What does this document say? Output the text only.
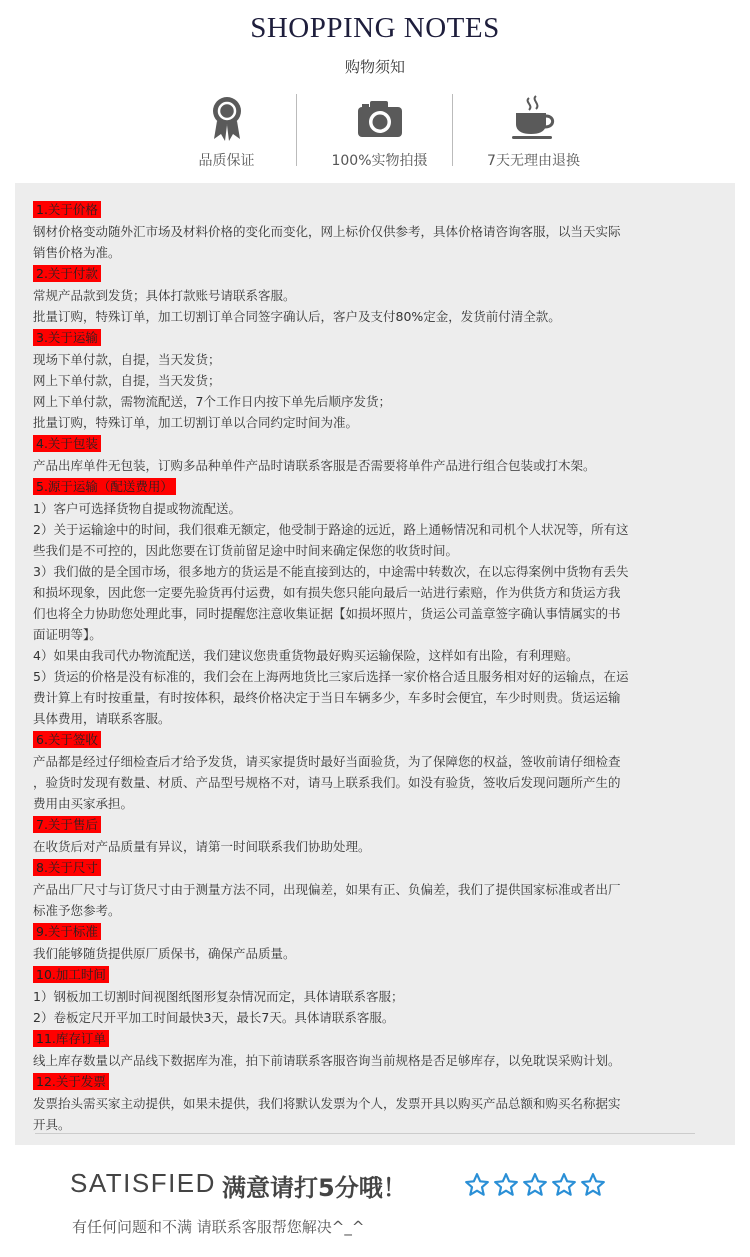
SHOPPING NOTES
购物须知
品质保证	100%实物拍摄	7天无理由退换
1.关于价格
钢材价格变动随外汇市场及材料价格的变化而变化，网上标价仅供参考，具体价格请咨询客服，以当天实际
销售价格为准。
2.关于付款
常规产品款到发货；具体打款账号请联系客服。
批量订购，特殊订单，加工切割订单合同签字确认后，客户及支付80%定金，发货前付清全款。
3.关于运输
现场下单付款，自提，当天发货；
网上下单付款，自提，当天发货；
网上下单付款，需物流配送，7个工作日内按下单先后顺序发货；
批量订购，特殊订单，加工切割订单以合同约定时间为准。
4.关于包装
产品出库单件无包装，订购多品种单件产品时请联系客服是否需要将单件产品进行组合包装或打木架。
5.源于运输（配送费用）
1）客户可选择货物自提或物流配送。
2）关于运输途中的时间，我们很难无额定，他受制于路途的远近，路上通畅情况和司机个人状况等，所有这
些我们是不可控的，因此您要在订货前留足途中时间来确定保您的收货时间。
3）我们做的是全国市场，很多地方的货运是不能直接到达的，中途需中转数次，在以忘得案例中货物有丢失
和损坏现象，因此您一定要先验货再付运费，如有损失您只能向最后一站进行索赔，作为供货方和货运方我
们也将全力协助您处理此事，同时提醒您注意收集证据【如损坏照片，货运公司盖章签字确认事情属实的书
面证明等】。
4）如果由我司代办物流配送，我们建议您贵重货物最好购买运输保险，这样如有出险，有利理赔。
5）货运的价格是没有标准的，我们会在上海两地货比三家后选择一家价格合适且服务相对好的运输点，在运
费计算上有时按重量，有时按体积，最终价格决定于当日车辆多少，车多时会便宜，车少时则贵。货运运输
具体费用，请联系客服。
6.关于签收
产品都是经过仔细检查后才给予发货，请买家提货时最好当面验货，为了保障您的权益，签收前请仔细检查
，验货时发现有数量、材质、产品型号规格不对，请马上联系我们。如没有验货，签收后发现问题所产生的
费用由买家承担。
7.关于售后
在收货后对产品质量有异议，请第一时间联系我们协助处理。
8.关于尺寸
产品出厂尺寸与订货尺寸由于测量方法不同，出现偏差，如果有正、负偏差，我们了提供国家标准或者出厂
标准予您参考。
9.关于标准
我们能够随货提供原厂质保书，确保产品质量。
10.加工时间
1）钢板加工切割时间视图纸图形复杂情况而定，具体请联系客服；
2）卷板定尺开平加工时间最快3天，最长7天。具体请联系客服。
11.库存订单
线上库存数量以产品线下数据库为准，拍下前请联系客服咨询当前规格是否足够库存，以免耽误采购计划。
12.关于发票
发票抬头需买家主动提供，如果未提供，我们将默认发票为个人，发票开具以购买产品总额和购买名称据实
开具。
SATISFIED 满意请打5分哦！
有任何问题和不满 请联系客服帮您解决^_^
